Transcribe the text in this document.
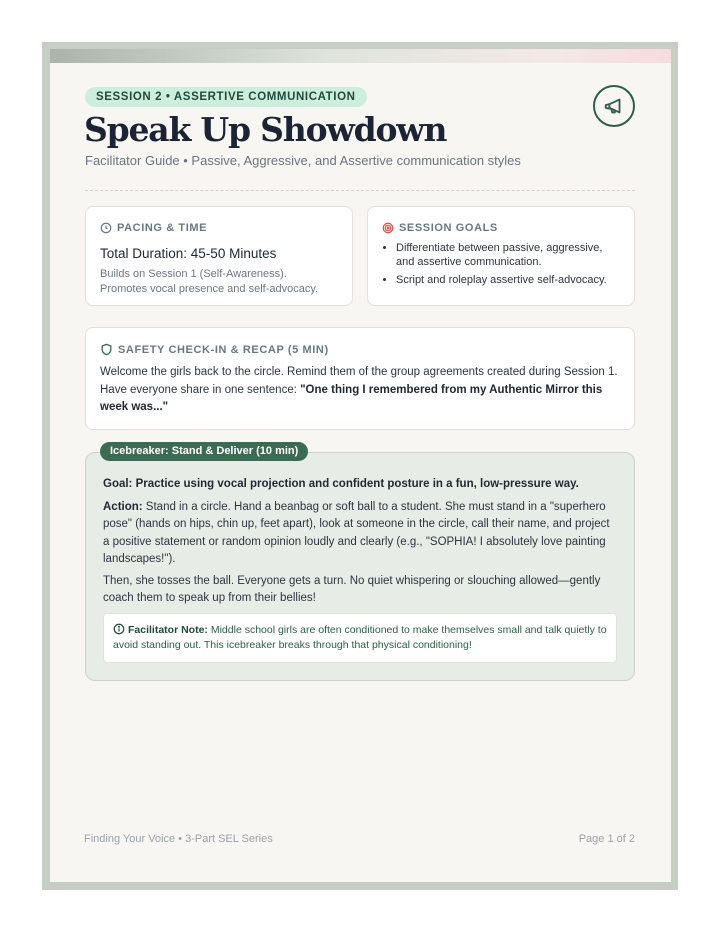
SESSION 2 • ASSERTIVE COMMUNICATION
Speak Up Showdown
Facilitator Guide • Passive, Aggressive, and Assertive communication styles
PACING & TIME
Total Duration: 45-50 Minutes
Builds on Session 1 (Self-Awareness).
Promotes vocal presence and self-advocacy.
SESSION GOALS
• Differentiate between passive, aggressive, and assertive communication.
• Script and roleplay assertive self-advocacy.
SAFETY CHECK-IN & RECAP (5 MIN)

Welcome the girls back to the circle. Remind them of the group agreements created during Session 1. Have everyone share in one sentence: "One thing I remembered from my Authentic Mirror this week was..."

Icebreaker: Stand & Deliver (10 min)

Goal: Practice using vocal projection and confident posture in a fun, low-pressure way.

Action: Stand in a circle. Hand a beanbag or soft ball to a student. She must stand in a "superhero pose" (hands on hips, chin up, feet apart), look at someone in the circle, call their name, and project a positive statement or random opinion loudly and clearly (e.g., "SOPHIA! I absolutely love painting landscapes!").

Then, she tosses the ball. Everyone gets a turn. No quiet whispering or slouching allowed—gently coach them to speak up from their bellies!

Facilitator Note: Middle school girls are often conditioned to make themselves small and talk quietly to avoid standing out. This icebreaker breaks through that physical conditioning!
Finding Your Voice • 3-Part SEL Series	Page 1 of 2
